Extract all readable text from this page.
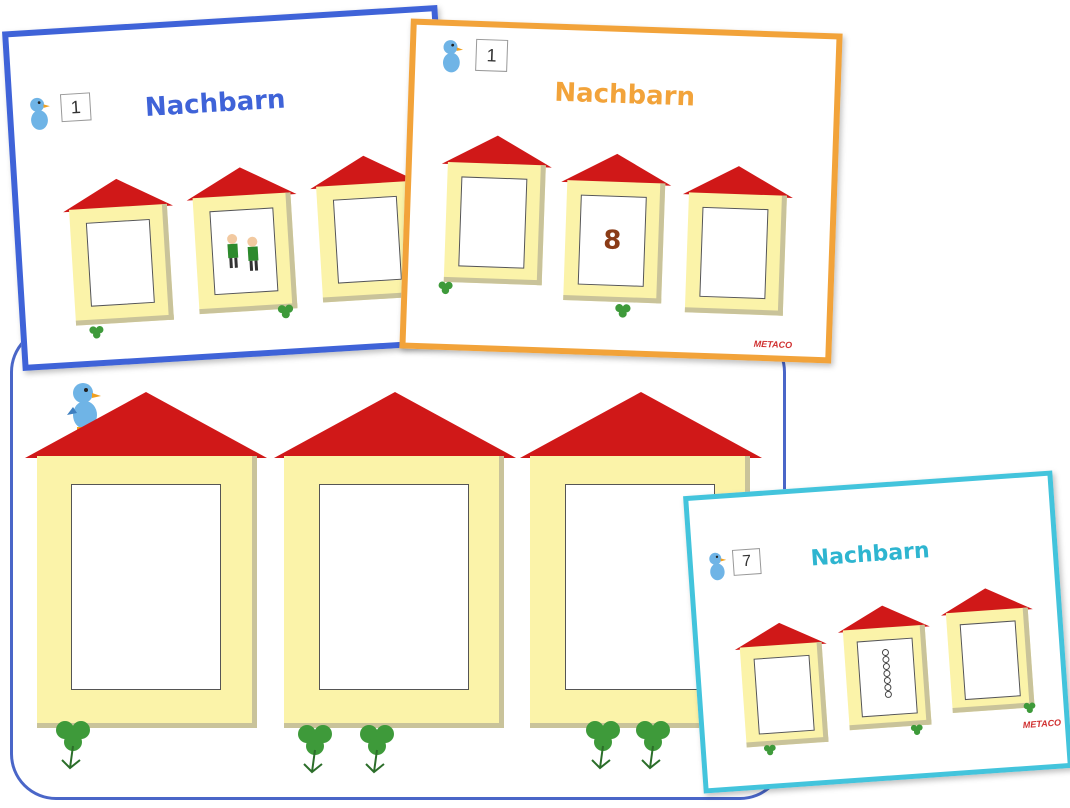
1	Nachbarn
1
Nachbarn
8
METACO
7	Nachbarn
METACO
